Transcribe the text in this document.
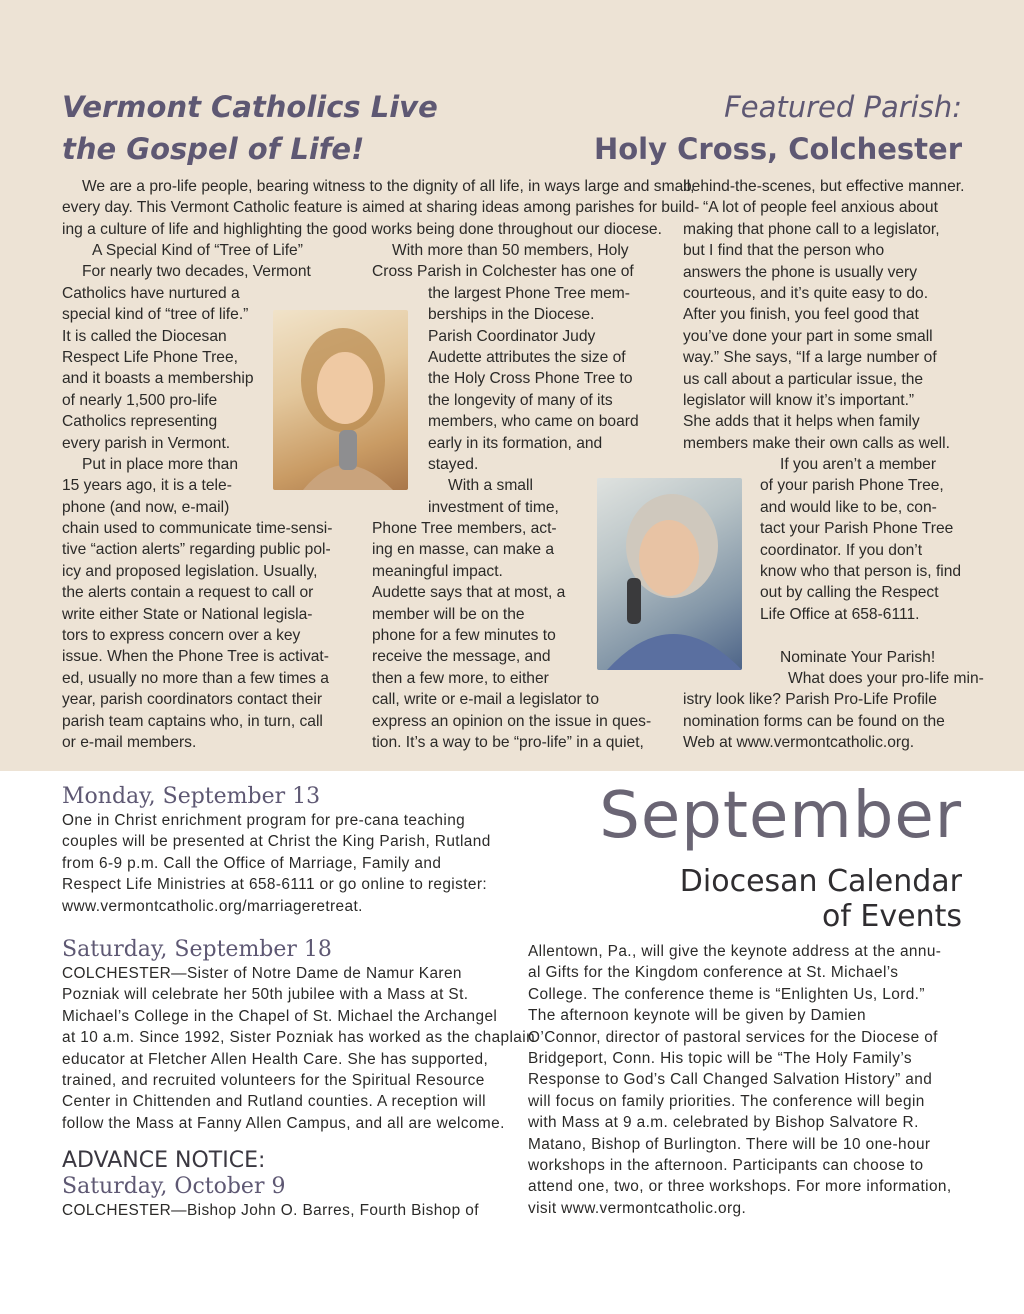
Vermont Catholics Live
the Gospel of Life!
Featured Parish:
Holy Cross, Colchester
We are a pro-life people, bearing witness to the dignity of all life, in ways large and small,
every day. This Vermont Catholic feature is aimed at sharing ideas among parishes for build-
ing a culture of life and highlighting the good works being done throughout our diocese.
A Special Kind of “Tree of Life”
For nearly two decades, Vermont
Catholics have nurtured a
special kind of “tree of life.”
It is called the Diocesan
Respect Life Phone Tree,
and it boasts a membership
of nearly 1,500 pro-life
Catholics representing
every parish in Vermont.
Put in place more than
15 years ago, it is a tele-
phone (and now, e-mail)
chain used to communicate time-sensi-
tive “action alerts” regarding public pol-
icy and proposed legislation. Usually,
the alerts contain a request to call or
write either State or National legisla-
tors to express concern over a key
issue. When the Phone Tree is activat-
ed, usually no more than a few times a
year, parish coordinators contact their
parish team captains who, in turn, call
or e-mail members.
With more than 50 members, Holy
Cross Parish in Colchester has one of
the largest Phone Tree mem-
berships in the Diocese.
Parish Coordinator Judy
Audette attributes the size of
the Holy Cross Phone Tree to
the longevity of many of its
members, who came on board
early in its formation, and
stayed.
With a small
investment of time,
Phone Tree members, act-
ing en masse, can make a
meaningful impact.
Audette says that at most, a
member will be on the
phone for a few minutes to
receive the message, and
then a few more, to either
call, write or e-mail a legislator to
express an opinion on the issue in ques-
tion. It’s a way to be “pro-life” in a quiet,
behind-the-scenes, but effective manner.
“A lot of people feel anxious about
making that phone call to a legislator,
but I find that the person who
answers the phone is usually very
courteous, and it’s quite easy to do.
After you finish, you feel good that
you’ve done your part in some small
way.” She says, “If a large number of
us call about a particular issue, the
legislator will know it’s important.”
She adds that it helps when family
members make their own calls as well.
If you aren’t a member
of your parish Phone Tree,
and would like to be, con-
tact your Parish Phone Tree
coordinator. If you don’t
know who that person is, find
out by calling the Respect
Life Office at 658-6111.
Nominate Your Parish!
What does your pro-life min-
istry look like? Parish Pro-Life Profile
nomination forms can be found on the
Web at www.vermontcatholic.org.
September
Diocesan Calendar
of Events
Monday, September 13
One in Christ enrichment program for pre-cana teaching
couples will be presented at Christ the King Parish, Rutland
from 6-9 p.m. Call the Office of Marriage, Family and
Respect Life Ministries at 658-6111 or go online to register:
www.vermontcatholic.org/marriageretreat.
Saturday, September 18
COLCHESTER—Sister of Notre Dame de Namur Karen
Pozniak will celebrate her 50th jubilee with a Mass at St.
Michael’s College in the Chapel of St. Michael the Archangel
at 10 a.m. Since 1992, Sister Pozniak has worked as the chaplain
educator at Fletcher Allen Health Care. She has supported,
trained, and recruited volunteers for the Spiritual Resource
Center in Chittenden and Rutland counties. A reception will
follow the Mass at Fanny Allen Campus, and all are welcome.
ADVANCE NOTICE:
Saturday, October 9
COLCHESTER—Bishop John O. Barres, Fourth Bishop of
Allentown, Pa., will give the keynote address at the annu-
al Gifts for the Kingdom conference at St. Michael’s
College. The conference theme is “Enlighten Us, Lord.”
The afternoon keynote will be given by Damien
O’Connor, director of pastoral services for the Diocese of
Bridgeport, Conn. His topic will be “The Holy Family’s
Response to God’s Call Changed Salvation History” and
will focus on family priorities. The conference will begin
with Mass at 9 a.m. celebrated by Bishop Salvatore R.
Matano, Bishop of Burlington. There will be 10 one-hour
workshops in the afternoon. Participants can choose to
attend one, two, or three workshops. For more information,
visit www.vermontcatholic.org.
